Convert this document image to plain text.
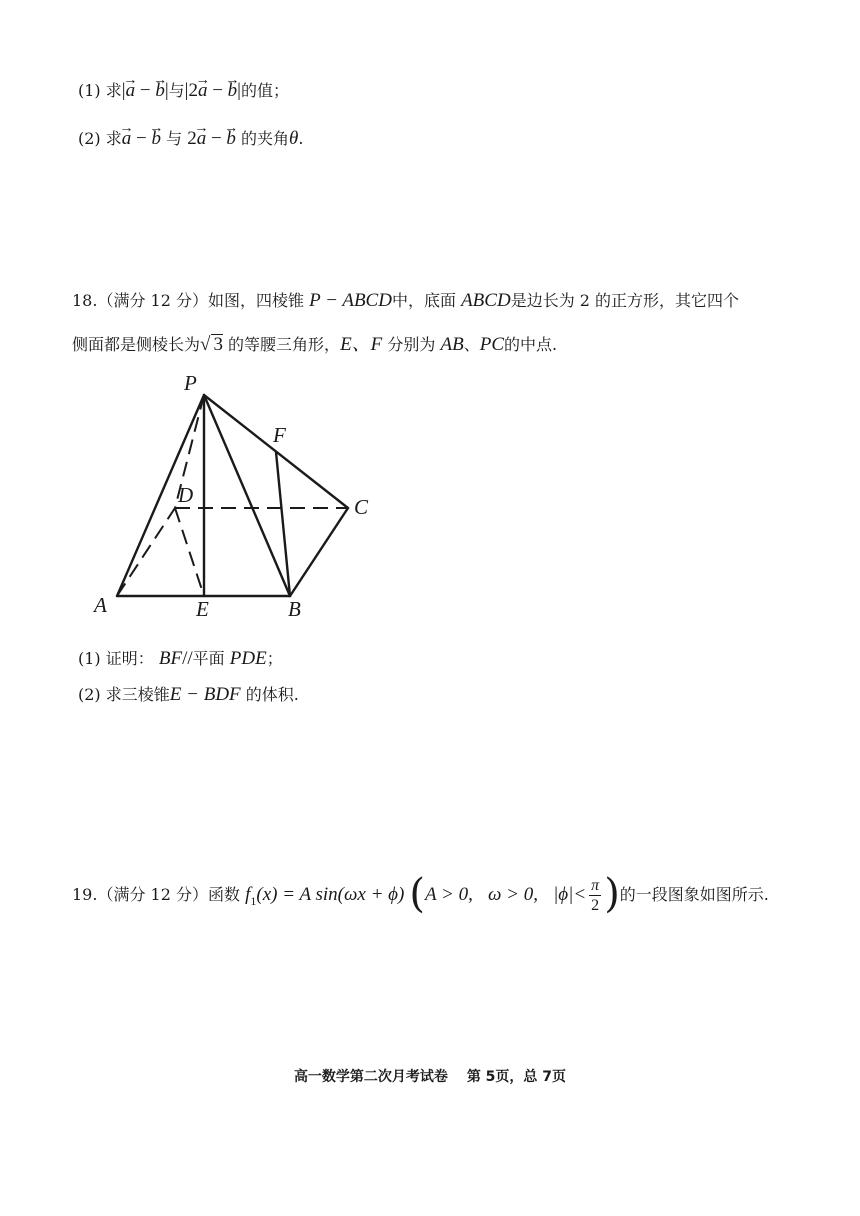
(1) 求|→ a − → b|与|2→ a − → b|的值；
(2) 求→ a − → b 与 2→ a − → b 的夹角θ.
18.（满分 12 分）如图，四棱锥 P − ABCD中，底面 ABCD是边长为 2 的正方形，其它四个
侧面都是侧棱长为√ 3 的等腰三角形，E、F 分别为 AB、PC的中点.
P
F
D	C
A	E	B
(1) 证明： BF//平面 PDE；
(2) 求三棱锥E − BDF 的体积.
19.（满分 12 分）函数 $f_1(x) = A$ sin(ωx + ϕ) (A > 0, ω > 0, $|\phi|< \frac{\pi}{2}$ )的一段图象如图所示.
高一数学第二次月考试卷 第 5页，总 7页
